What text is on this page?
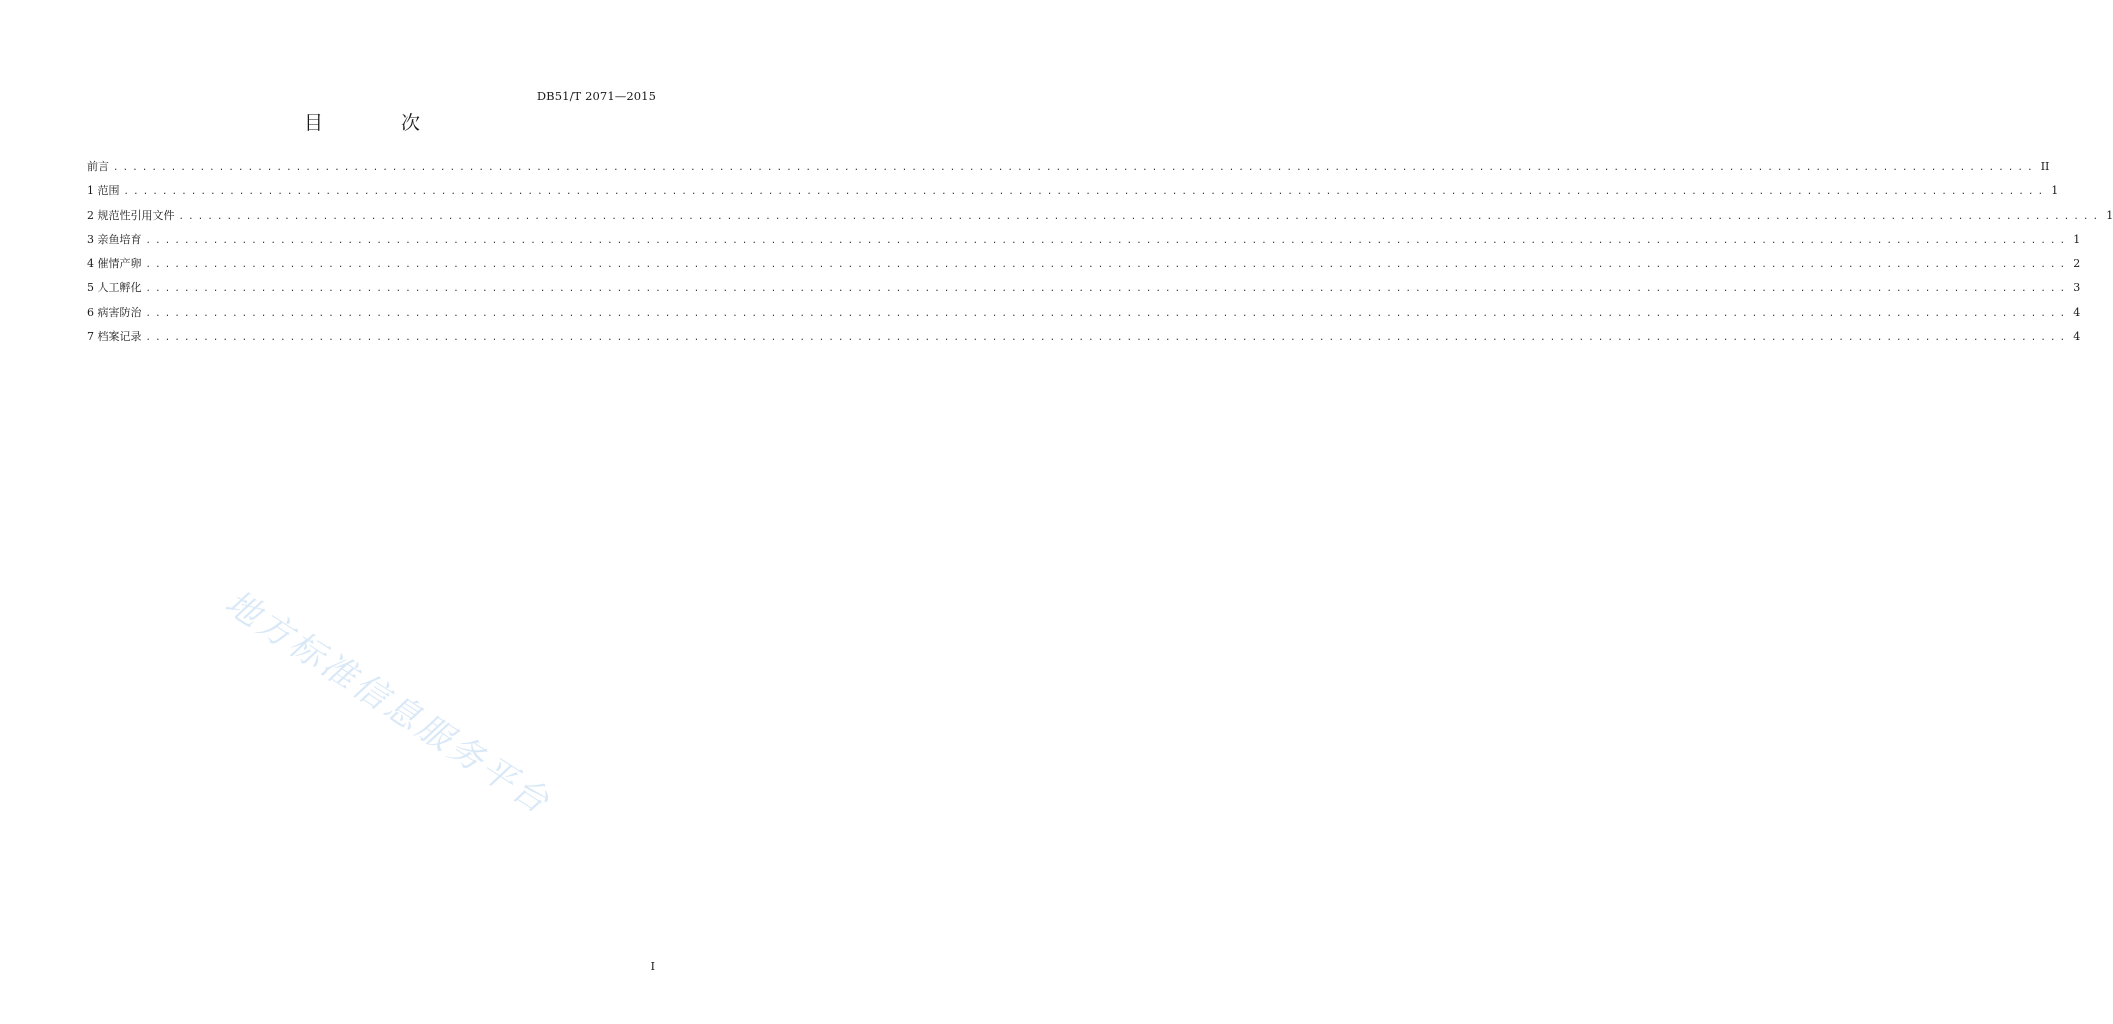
DB51/T 2071—2015
目 次
前言 ........................................................................................................................................................................................................ II
1 范围 ........................................................................................................................................................................................................ 1
2 规范性引用文件 ........................................................................................................................................................................................................ 1
3 亲鱼培育 ........................................................................................................................................................................................................ 1
4 催情产卵 ........................................................................................................................................................................................................ 2
5 人工孵化 ........................................................................................................................................................................................................ 3
6 病害防治 ........................................................................................................................................................................................................ 4
7 档案记录 ........................................................................................................................................................................................................ 4
地方标准信息服务平台
I
